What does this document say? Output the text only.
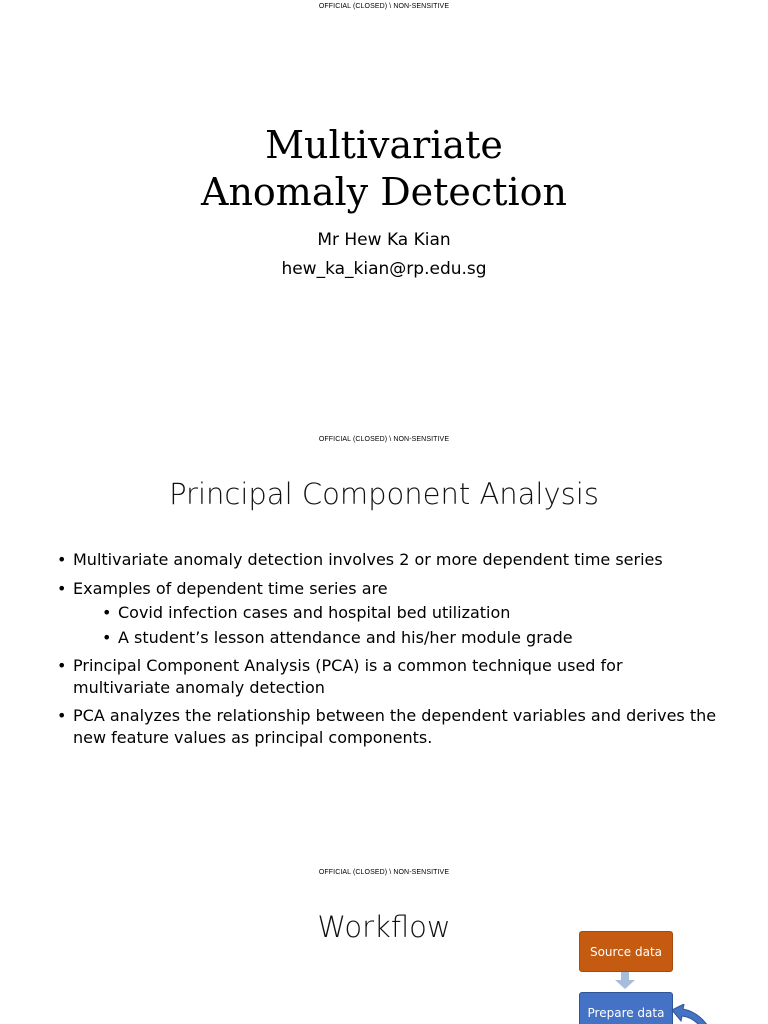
OFFICIAL (CLOSED) \ NON-SENSITIVE
Multivariate
Anomaly Detection
Mr Hew Ka Kian
hew_ka_kian@rp.edu.sg
OFFICIAL (CLOSED) \ NON-SENSITIVE
Principal Component Analysis
• Multivariate anomaly detection involves 2 or more dependent time series
• Examples of dependent time series are
• Covid infection cases and hospital bed utilization
• A student’s lesson attendance and his/her module grade
• Principal Component Analysis (PCA) is a common technique used for multivariate anomaly detection
• PCA analyzes the relationship between the dependent variables and derives the new feature values as principal components.
OFFICIAL (CLOSED) \ NON-SENSITIVE
Workflow
Source data
Prepare data
